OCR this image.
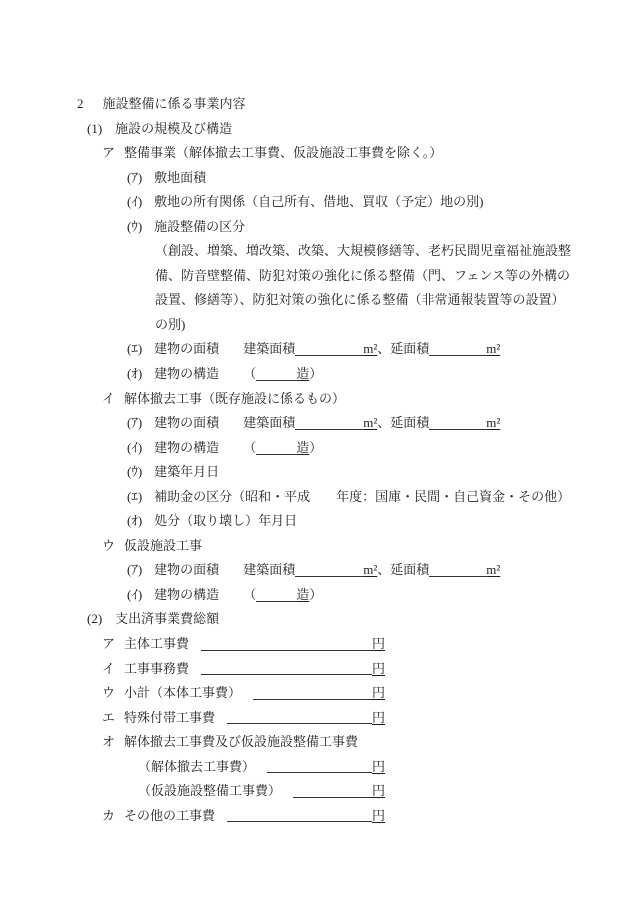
2 施設整備に係る事業内容
(1) 施設の規模及び構造
ア 整備事業（解体撤去工事費、仮設施設工事費を除く。）
(ｱ) 敷地面積
(ｲ) 敷地の所有関係（自己所有、借地、買収（予定）地の別)
(ｳ) 施設整備の区分
（創設、増築、増改築、改築、大規模修繕等、老朽民間児童福祉施設整
備、防音壁整備、防犯対策の強化に係る整備（門、フェンス等の外構の
設置、修繕等）、防犯対策の強化に係る整備（非常通報装置等の設置）
の別)
(ｴ) 建物の面積 建築面積	m²、延面積	m²
(ｵ) 建物の構造 （	造）
イ 解体撤去工事（既存施設に係るもの）
(ｱ) 建物の面積 建築面積	m²、延面積	m²
(ｲ) 建物の構造 （	造）
(ｳ) 建築年月日
(ｴ) 補助金の区分（昭和・平成　　年度：国庫・民間・自己資金・その他）
(ｵ) 処分（取り壊し）年月日
ウ 仮設施設工事
(ｱ) 建物の面積 建築面積	m²、延面積	m²
(ｲ) 建物の構造 （	造）
(2) 支出済事業費総額
ア 主体工事費	円
イ 工事事務費	円
ウ 小計（本体工事費）	円
エ 特殊付帯工事費	円
オ 解体撤去工事費及び仮設施設整備工事費
（解体撤去工事費）	円
（仮設施設整備工事費）	円
カ その他の工事費	円
